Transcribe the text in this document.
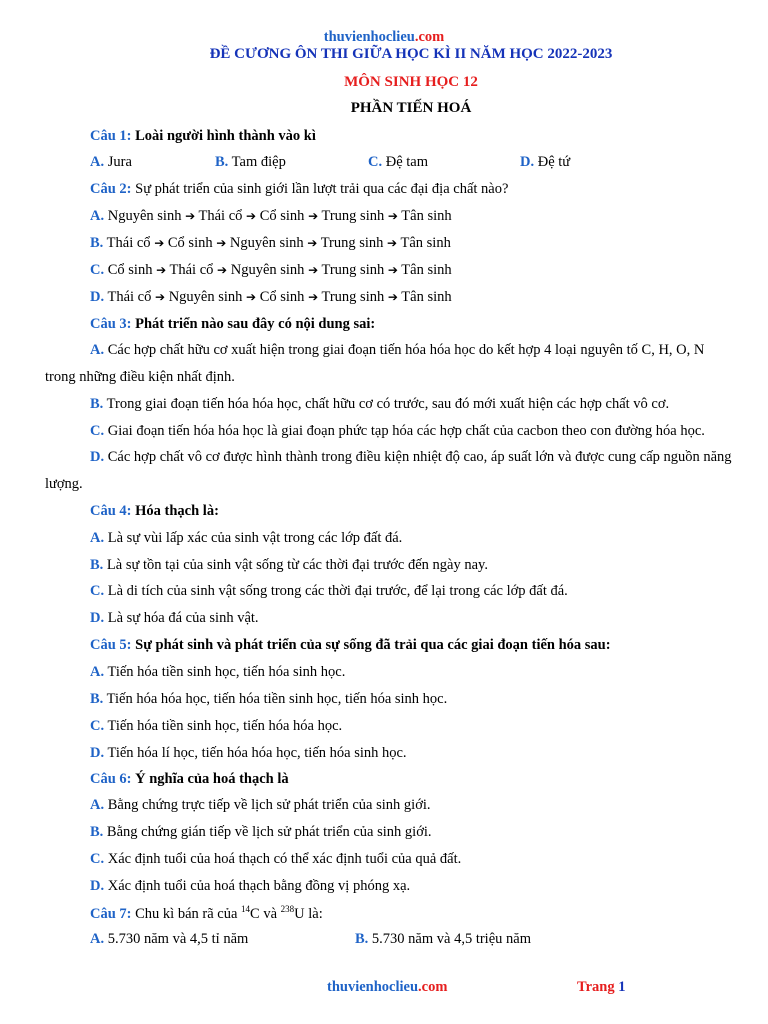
thuvienhoclieu.com
ĐỀ CƯƠNG ÔN THI GIỮA HỌC KÌ II NĂM HỌC 2022-2023
MÔN SINH HỌC 12
PHẦN TIẾN HOÁ
Câu 1: Loài người hình thành vào kì
A. Jura	B. Tam điệp	C. Đệ tam	D. Đệ tứ
Câu 2: Sự phát triển của sinh giới lần lượt trải qua các đại địa chất nào?
A. Nguyên sinh ➔ Thái cổ ➔ Cổ sinh ➔ Trung sinh ➔ Tân sinh
B. Thái cổ ➔ Cổ sinh ➔ Nguyên sinh ➔ Trung sinh ➔ Tân sinh
C. Cổ sinh ➔ Thái cổ ➔ Nguyên sinh ➔ Trung sinh ➔ Tân sinh
D. Thái cổ ➔ Nguyên sinh ➔ Cổ sinh ➔ Trung sinh ➔ Tân sinh
Câu 3: Phát triển nào sau đây có nội dung sai:
A. Các hợp chất hữu cơ xuất hiện trong giai đoạn tiến hóa hóa học do kết hợp 4 loại nguyên tố C, H, O, N trong những điều kiện nhất định.
B. Trong giai đoạn tiến hóa hóa học, chất hữu cơ có trước, sau đó mới xuất hiện các hợp chất vô cơ.
C. Giai đoạn tiến hóa hóa học là giai đoạn phức tạp hóa các hợp chất của cacbon theo con đường hóa học.
D. Các hợp chất vô cơ được hình thành trong điều kiện nhiệt độ cao, áp suất lớn và được cung cấp nguồn năng lượng.
Câu 4: Hóa thạch là:
A. Là sự vùi lấp xác của sinh vật trong các lớp đất đá.
B. Là sự tồn tại của sinh vật sống từ các thời đại trước đến ngày nay.
C. Là di tích của sinh vật sống trong các thời đại trước, để lại trong các lớp đất đá.
D. Là sự hóa đá của sinh vật.
Câu 5: Sự phát sinh và phát triển của sự sống đã trải qua các giai đoạn tiến hóa sau:
A. Tiến hóa tiền sinh học, tiến hóa sinh học.
B. Tiến hóa hóa học, tiến hóa tiền sinh học, tiến hóa sinh học.
C. Tiến hóa tiền sinh học, tiến hóa hóa học.
D. Tiến hóa lí học, tiến hóa hóa học, tiến hóa sinh học.
Câu 6: Ý nghĩa của hoá thạch là
A. Bằng chứng trực tiếp về lịch sử phát triển của sinh giới.
B. Bằng chứng gián tiếp về lịch sử phát triển của sinh giới.
C. Xác định tuổi của hoá thạch có thể xác định tuổi của quả đất.
D. Xác định tuổi của hoá thạch bằng đồng vị phóng xạ.
Câu 7: Chu kì bán rã của $^{14}$C và $^{238}$U là:
A. 5.730 năm và 4,5 tỉ năm	B. 5.730 năm và 4,5 triệu năm
thuvienhoclieu.com	Trang 1
